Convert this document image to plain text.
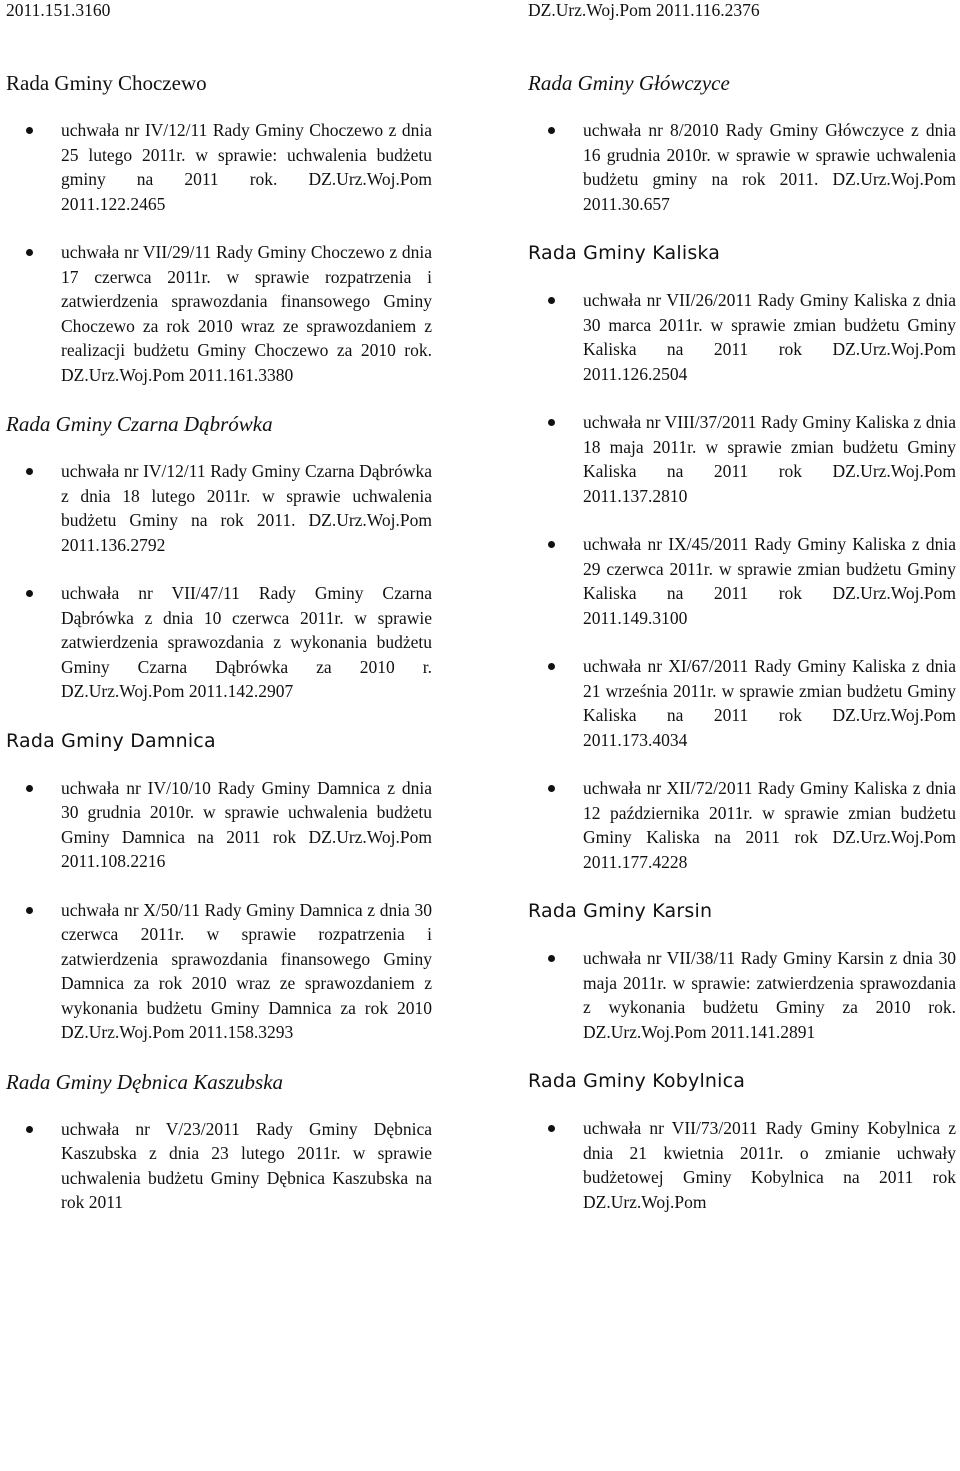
2011.151.3160
Rada Gminy Choczewo
uchwała nr IV/12/11 Rady Gminy Choczewo z dnia 25 lutego 2011r. w sprawie: uchwalenia budżetu gminy na 2011 rok. DZ.Urz.Woj.Pom 2011.122.2465
uchwała nr VII/29/11 Rady Gminy Choczewo z dnia 17 czerwca 2011r. w sprawie rozpatrzenia i zatwierdzenia sprawozdania finansowego Gminy Choczewo za rok 2010 wraz ze sprawozdaniem z realizacji budżetu Gminy Choczewo za 2010 rok. DZ.Urz.Woj.Pom 2011.161.3380
Rada Gminy Czarna Dąbrówka
uchwała nr IV/12/11 Rady Gminy Czarna Dąbrówka z dnia 18 lutego 2011r. w sprawie uchwalenia budżetu Gminy na rok 2011. DZ.Urz.Woj.Pom 2011.136.2792
uchwała nr VII/47/11 Rady Gminy Czarna Dąbrówka z dnia 10 czerwca 2011r. w sprawie zatwierdzenia sprawozdania z wykonania budżetu Gminy Czarna Dąbrówka za 2010 r. DZ.Urz.Woj.Pom 2011.142.2907
Rada Gminy Damnica
uchwała nr IV/10/10 Rady Gminy Damnica z dnia 30 grudnia 2010r. w sprawie uchwalenia budżetu Gminy Damnica na 2011 rok DZ.Urz.Woj.Pom 2011.108.2216
uchwała nr X/50/11 Rady Gminy Damnica z dnia 30 czerwca 2011r. w sprawie rozpatrzenia i zatwierdzenia sprawozdania finansowego Gminy Damnica za rok 2010 wraz ze sprawozdaniem z wykonania budżetu Gminy Damnica za rok 2010 DZ.Urz.Woj.Pom 2011.158.3293
Rada Gminy Dębnica Kaszubska
uchwała nr V/23/2011 Rady Gminy Dębnica Kaszubska z dnia 23 lutego 2011r. w sprawie uchwalenia budżetu Gminy Dębnica Kaszubska na rok 2011
DZ.Urz.Woj.Pom 2011.116.2376
Rada Gminy Główczyce
uchwała nr 8/2010 Rady Gminy Główczyce z dnia 16 grudnia 2010r. w sprawie w sprawie uchwalenia budżetu gminy na rok 2011. DZ.Urz.Woj.Pom 2011.30.657
Rada Gminy Kaliska
uchwała nr VII/26/2011 Rady Gminy Kaliska z dnia 30 marca 2011r. w sprawie zmian budżetu Gminy Kaliska na 2011 rok DZ.Urz.Woj.Pom 2011.126.2504
uchwała nr VIII/37/2011 Rady Gminy Kaliska z dnia 18 maja 2011r. w sprawie zmian budżetu Gminy Kaliska na 2011 rok DZ.Urz.Woj.Pom 2011.137.2810
uchwała nr IX/45/2011 Rady Gminy Kaliska z dnia 29 czerwca 2011r. w sprawie zmian budżetu Gminy Kaliska na 2011 rok DZ.Urz.Woj.Pom 2011.149.3100
uchwała nr XI/67/2011 Rady Gminy Kaliska z dnia 21 września 2011r. w sprawie zmian budżetu Gminy Kaliska na 2011 rok DZ.Urz.Woj.Pom 2011.173.4034
uchwała nr XII/72/2011 Rady Gminy Kaliska z dnia 12 października 2011r. w sprawie zmian budżetu Gminy Kaliska na 2011 rok DZ.Urz.Woj.Pom 2011.177.4228
Rada Gminy Karsin
uchwała nr VII/38/11 Rady Gminy Karsin z dnia 30 maja 2011r. w sprawie: zatwierdzenia sprawozdania z wykonania budżetu Gminy za 2010 rok. DZ.Urz.Woj.Pom 2011.141.2891
Rada Gminy Kobylnica
uchwała nr VII/73/2011 Rady Gminy Kobylnica z dnia 21 kwietnia 2011r. o zmianie uchwały budżetowej Gminy Kobylnica na 2011 rok DZ.Urz.Woj.Pom
